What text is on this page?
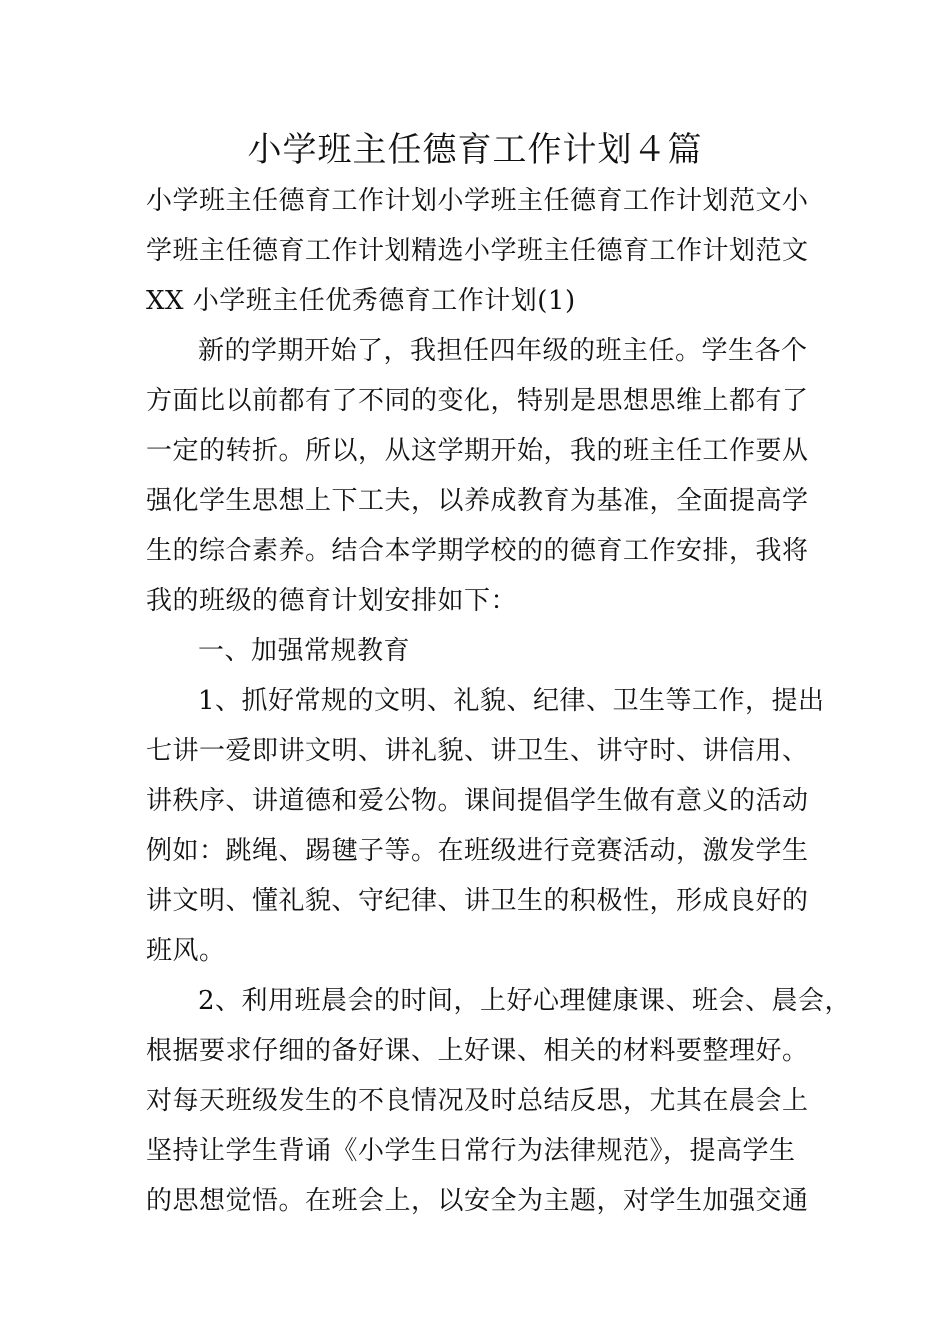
小学班主任德育工作计划４篇
小学班主任德育工作计划小学班主任德育工作计划范文小
学班主任德育工作计划精选小学班主任德育工作计划范文
XX 小学班主任优秀德育工作计划(1)
新的学期开始了，我担任四年级的班主任。学生各个
方面比以前都有了不同的变化，特别是思想思维上都有了
一定的转折。所以，从这学期开始，我的班主任工作要从
强化学生思想上下工夫，以养成教育为基准，全面提高学
生的综合素养。结合本学期学校的的德育工作安排，我将
我的班级的德育计划安排如下：
一、加强常规教育
1、抓好常规的文明、礼貌、纪律、卫生等工作，提出
七讲一爱即讲文明、讲礼貌、讲卫生、讲守时、讲信用、
讲秩序、讲道德和爱公物。课间提倡学生做有意义的活动
例如：跳绳、踢毽子等。在班级进行竞赛活动，激发学生
讲文明、懂礼貌、守纪律、讲卫生的积极性，形成良好的
班风。
2、利用班晨会的时间，上好心理健康课、班会、晨会，
根据要求仔细的备好课、上好课、相关的材料要整理好。
对每天班级发生的不良情况及时总结反思，尤其在晨会上
坚持让学生背诵《小学生日常行为法律规范》，提高学生
的思想觉悟。在班会上，以安全为主题，对学生加强交通
